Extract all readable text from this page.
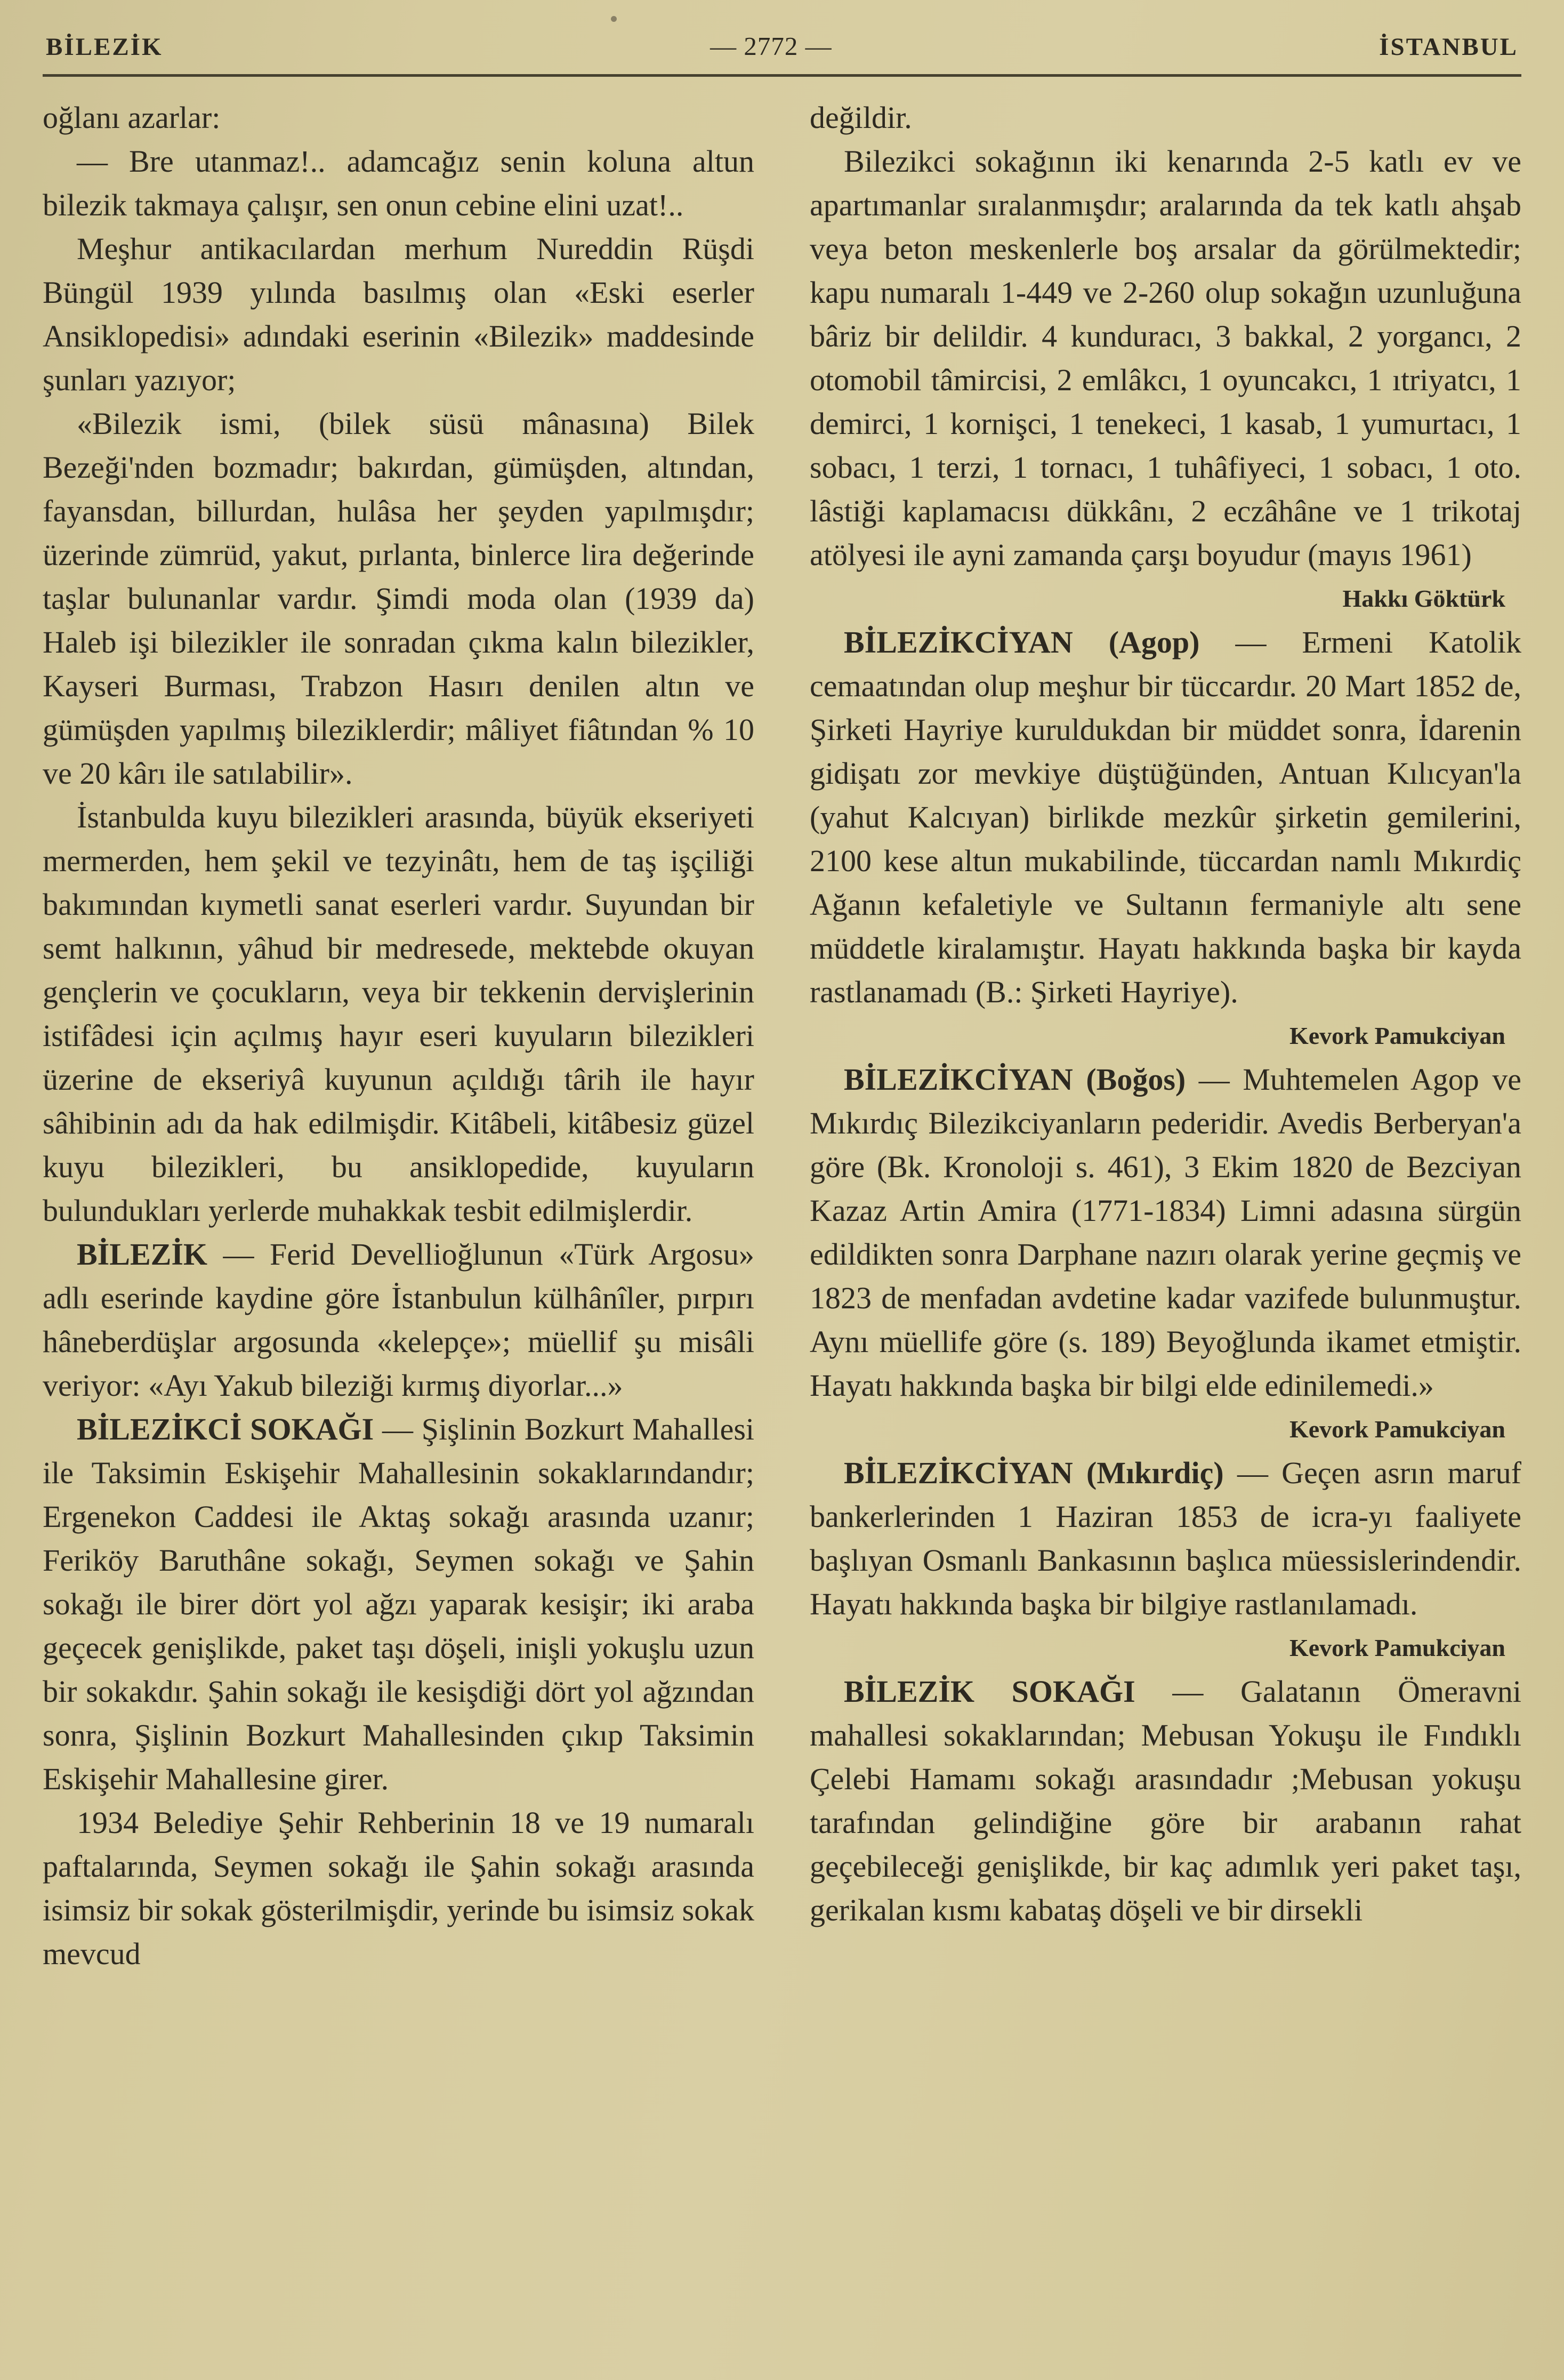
BİLEZİK	— 2772 —	İSTANBUL

oğlanı azarlar:

— Bre utanmaz!.. adamcağız senin koluna altun bilezik takmaya çalışır, sen onun cebine elini uzat!..

Meşhur antikacılardan merhum Nureddin Rüşdi Büngül 1939 yılında basılmış olan «Eski eserler Ansiklopedisi» adındaki eserinin «Bilezik» maddesinde şunları yazıyor;

«Bilezik ismi, (bilek süsü mânasına) Bilek Bezeği'nden bozmadır; bakırdan, gümüşden, altından, fayansdan, billurdan, hulâsa her şeyden yapılmışdır; üzerinde zümrüd, yakut, pırlanta, binlerce lira değerinde taşlar bulunanlar vardır. Şimdi moda olan (1939 da) Haleb işi bilezikler ile sonradan çıkma kalın bilezikler, Kayseri Burması, Trabzon Hasırı denilen altın ve gümüşden yapılmış bileziklerdir; mâliyet fiâtından % 10 ve 20 kârı ile satılabilir».

İstanbulda kuyu bilezikleri arasında, büyük ekseriyeti mermerden, hem şekil ve tezyinâtı, hem de taş işçiliği bakımından kıymetli sanat eserleri vardır. Suyundan bir semt halkının, yâhud bir medresede, mektebde okuyan gençlerin ve çocukların, veya bir tekkenin dervişlerinin istifâdesi için açılmış hayır eseri kuyuların bilezikleri üzerine de ekseriyâ kuyunun açıldığı târih ile hayır sâhibinin adı da hak edilmişdir. Kitâbeli, kitâbesiz güzel kuyu bilezikleri, bu ansiklopedide, kuyuların bulundukları yerlerde muhakkak tesbit edilmişlerdir.

BİLEZİK — Ferid Devellioğlunun «Türk Argosu» adlı eserinde kaydine göre İstanbulun külhânîler, pırpırı hâneberdüşlar argosunda «kelepçe»; müellif şu misâli veriyor: «Ayı Yakub bileziği kırmış diyorlar...»

BİLEZİKCİ SOKAĞI — Şişlinin Bozkurt Mahallesi ile Taksimin Eskişehir Mahallesinin sokaklarındandır; Ergenekon Caddesi ile Aktaş sokağı arasında uzanır; Feriköy Baruthâne sokağı, Seymen sokağı ve Şahin sokağı ile birer dört yol ağzı yaparak kesişir; iki araba geçecek genişlikde, paket taşı döşeli, inişli yokuşlu uzun bir sokakdır. Şahin sokağı ile kesişdiği dört yol ağzından sonra, Şişlinin Bozkurt Mahallesinden çıkıp Taksimin Eskişehir Mahallesine girer.

1934 Belediye Şehir Rehberinin 18 ve 19 numaralı paftalarında, Seymen sokağı ile Şahin sokağı arasında isimsiz bir sokak gösterilmişdir, yerinde bu isimsiz sokak mevcud

değildir.

Bilezikci sokağının iki kenarında 2-5 katlı ev ve apartımanlar sıralanmışdır; aralarında da tek katlı ahşab veya beton meskenlerle boş arsalar da görülmektedir; kapu numaralı 1-449 ve 2-260 olup sokağın uzunluğuna bâriz bir delildir. 4 kunduracı, 3 bakkal, 2 yorgancı, 2 otomobil tâmircisi, 2 emlâkcı, 1 oyuncakcı, 1 ıtriyatcı, 1 demirci, 1 kornişci, 1 tenekeci, 1 kasab, 1 yumurtacı, 1 sobacı, 1 terzi, 1 tornacı, 1 tuhâfiyeci, 1 sobacı, 1 oto. lâstiği kaplamacısı dükkânı, 2 eczâhâne ve 1 trikotaj atölyesi ile ayni zamanda çarşı boyudur (mayıs 1961)

Hakkı Göktürk

BİLEZİKCİYAN (Agop) — Ermeni Katolik cemaatından olup meşhur bir tüccardır. 20 Mart 1852 de, Şirketi Hayriye kuruldukdan bir müddet sonra, İdarenin gidişatı zor mevkiye düştüğünden, Antuan Kılıcyan'la (yahut Kalcıyan) birlikde mezkûr şirketin gemilerini, 2100 kese altun mukabilinde, tüccardan namlı Mıkırdiç Ağanın kefaletiyle ve Sultanın fermaniyle altı sene müddetle kiralamıştır. Hayatı hakkında başka bir kayda rastlanamadı (B.: Şirketi Hayriye).

Kevork Pamukciyan

BİLEZİKCİYAN (Boğos) — Muhtemelen Agop ve Mıkırdıç Bilezikciyanların pederidir. Avedis Berberyan'a göre (Bk. Kronoloji s. 461), 3 Ekim 1820 de Bezciyan Kazaz Artin Amira (1771-1834) Limni adasına sürgün edildikten sonra Darphane nazırı olarak yerine geçmiş ve 1823 de menfadan avdetine kadar vazifede bulunmuştur. Aynı müellife göre (s. 189) Beyoğlunda ikamet etmiştir. Hayatı hakkında başka bir bilgi elde edinilemedi.»

Kevork Pamukciyan

BİLEZİKCİYAN (Mıkırdiç) — Geçen asrın maruf bankerlerinden 1 Haziran 1853 de icra-yı faaliyete başlıyan Osmanlı Bankasının başlıca müessislerindendir. Hayatı hakkında başka bir bilgiye rastlanılamadı.

Kevork Pamukciyan

BİLEZİK SOKAĞI — Galatanın Ömeravni mahallesi sokaklarından; Mebusan Yokuşu ile Fındıklı Çelebi Hamamı sokağı arasındadır ;Mebusan yokuşu tarafından gelindiğine göre bir arabanın rahat geçebileceği genişlikde, bir kaç adımlık yeri paket taşı, gerikalan kısmı kabataş döşeli ve bir dirsekli
